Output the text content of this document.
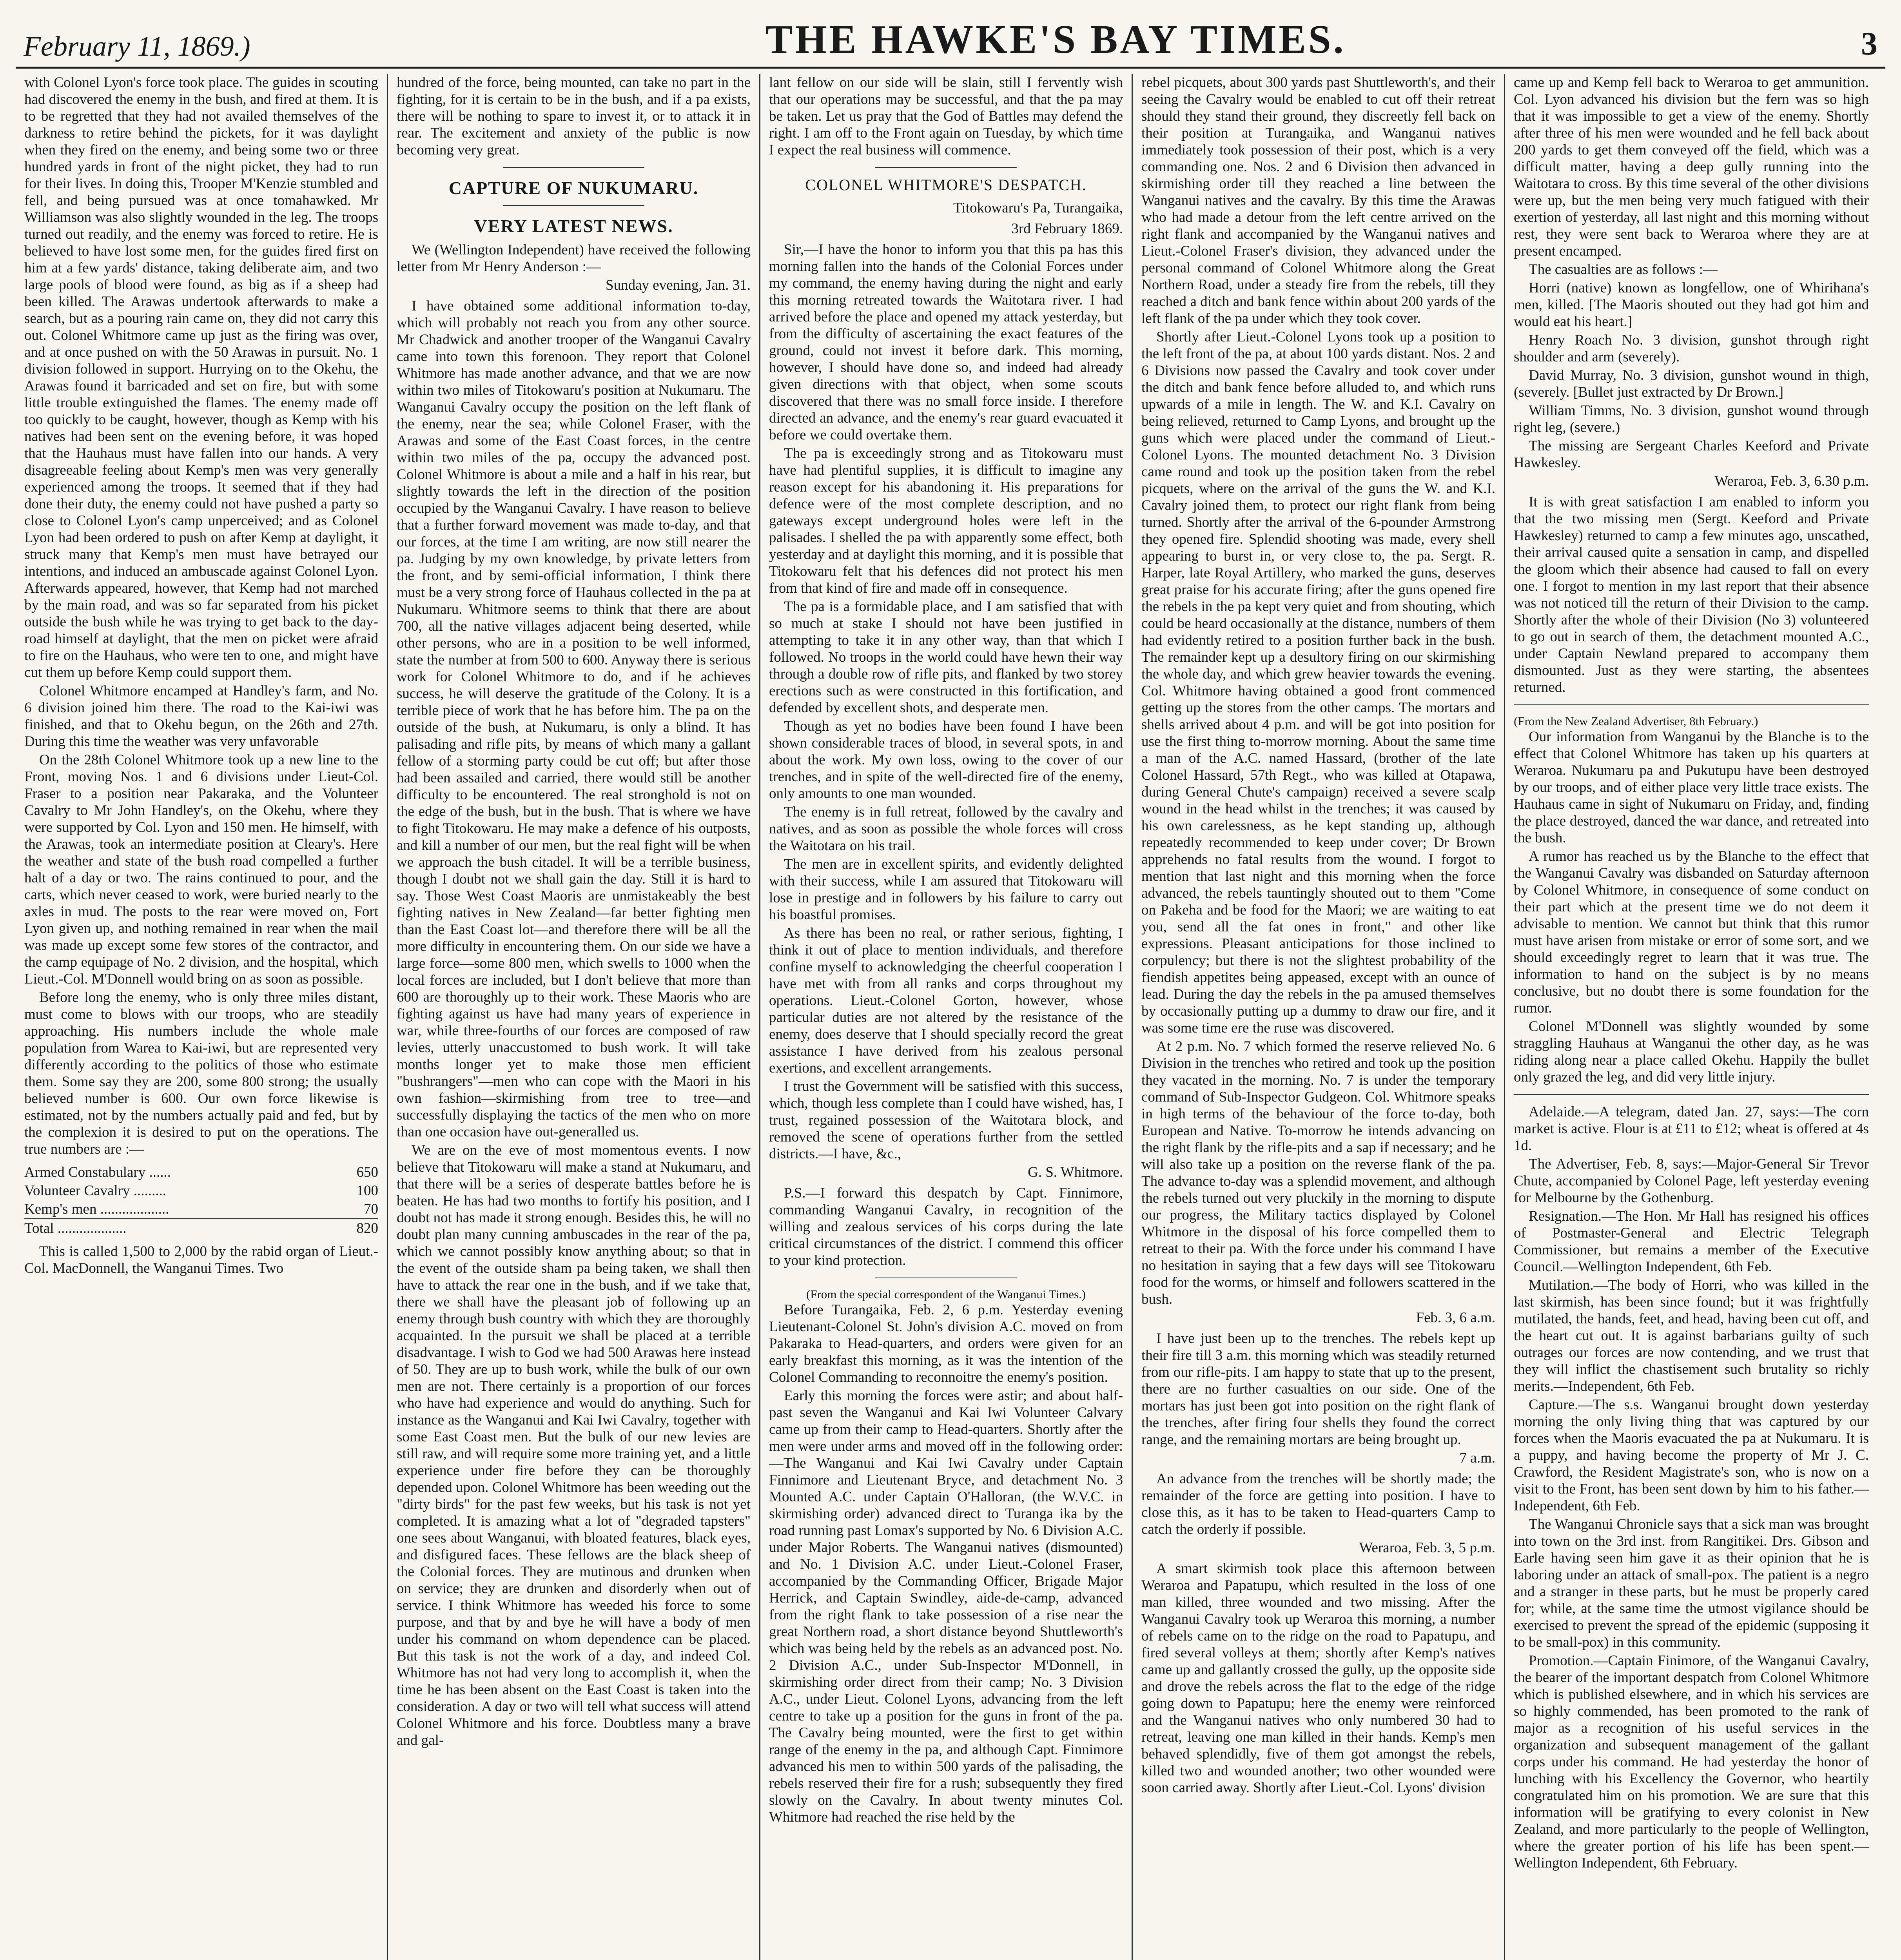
February 11, 1869.)	THE HAWKE'S BAY TIMES.	3

with Colonel Lyon's force took place. The guides in scouting had discovered the enemy in the bush, and fired at them. It is to be regretted that they had not availed themselves of the darkness to retire behind the pickets, for it was daylight when they fired on the enemy, and being some two or three hundred yards in front of the night picket, they had to run for their lives. In doing this, Trooper M'Kenzie stumbled and fell, and being pursued was at once tomahawked. Mr Williamson was also slightly wounded in the leg. The troops turned out readily, and the enemy was forced to retire. He is believed to have lost some men, for the guides fired first on him at a few yards' distance, taking deliberate aim, and two large pools of blood were found, as big as if a sheep had been killed. The Arawas undertook afterwards to make a search, but as a pouring rain came on, they did not carry this out. Colonel Whitmore came up just as the firing was over, and at once pushed on with the 50 Arawas in pursuit. No. 1 division followed in support. Hurrying on to the Okehu, the Arawas found it barricaded and set on fire, but with some little trouble extinguished the flames. The enemy made off too quickly to be caught, however, though as Kemp with his natives had been sent on the evening before, it was hoped that the Hauhaus must have fallen into our hands. A very disagreeable feeling about Kemp's men was very generally experienced among the troops. It seemed that if they had done their duty, the enemy could not have pushed a party so close to Colonel Lyon's camp unperceived; and as Colonel Lyon had been ordered to push on after Kemp at daylight, it struck many that Kemp's men must have betrayed our intentions, and induced an ambuscade against Colonel Lyon. Afterwards appeared, however, that Kemp had not marched by the main road, and was so far separated from his picket outside the bush while he was trying to get back to the day-road himself at daylight, that the men on picket were afraid to fire on the Hauhaus, who were ten to one, and might have cut them up before Kemp could support them.

Colonel Whitmore encamped at Handley's farm, and No. 6 division joined him there. The road to the Kai-iwi was finished, and that to Okehu begun, on the 26th and 27th. During this time the weather was very unfavorable

On the 28th Colonel Whitmore took up a new line to the Front, moving Nos. 1 and 6 divisions under Lieut-Col. Fraser to a position near Pakaraka, and the Volunteer Cavalry to Mr John Handley's, on the Okehu, where they were supported by Col. Lyon and 150 men. He himself, with the Arawas, took an intermediate position at Cleary's. Here the weather and state of the bush road compelled a further halt of a day or two. The rains continued to pour, and the carts, which never ceased to work, were buried nearly to the axles in mud. The posts to the rear were moved on, Fort Lyon given up, and nothing remained in rear when the mail was made up except some few stores of the contractor, and the camp equipage of No. 2 division, and the hospital, which Lieut.-Col. M'Donnell would bring on as soon as possible.

Before long the enemy, who is only three miles distant, must come to blows with our troops, who are steadily approaching. His numbers include the whole male population from Warea to Kai-iwi, but are represented very differently according to the politics of those who estimate them. Some say they are 200, some 800 strong; the usually believed number is 600. Our own force likewise is estimated, not by the numbers actually paid and fed, but by the complexion it is desired to put on the operations. The true numbers are :—

Armed Constabulary ......	650
Volunteer Cavalry .........	100
Kemp's men ...................	70
Total ...................	820

This is called 1,500 to 2,000 by the rabid organ of Lieut.-Col. MacDonnell, the Wanganui Times. Two

hundred of the force, being mounted, can take no part in the fighting, for it is certain to be in the bush, and if a pa exists, there will be nothing to spare to invest it, or to attack it in rear. The excitement and anxiety of the public is now becoming very great.

CAPTURE OF NUKUMARU.
VERY LATEST NEWS.

We (Wellington Independent) have received the following letter from Mr Henry Anderson :—

Sunday evening, Jan. 31.

I have obtained some additional information to-day, which will probably not reach you from any other source. Mr Chadwick and another trooper of the Wanganui Cavalry came into town this forenoon. They report that Colonel Whitmore has made another advance, and that we are now within two miles of Titokowaru's position at Nukumaru. The Wanganui Cavalry occupy the position on the left flank of the enemy, near the sea; while Colonel Fraser, with the Arawas and some of the East Coast forces, in the centre within two miles of the pa, occupy the advanced post. Colonel Whitmore is about a mile and a half in his rear, but slightly towards the left in the direction of the position occupied by the Wanganui Cavalry. I have reason to believe that a further forward movement was made to-day, and that our forces, at the time I am writing, are now still nearer the pa. Judging by my own knowledge, by private letters from the front, and by semi-official information, I think there must be a very strong force of Hauhaus collected in the pa at Nukumaru. Whitmore seems to think that there are about 700, all the native villages adjacent being deserted, while other persons, who are in a position to be well informed, state the number at from 500 to 600. Anyway there is serious work for Colonel Whitmore to do, and if he achieves success, he will deserve the gratitude of the Colony. It is a terrible piece of work that he has before him. The pa on the outside of the bush, at Nukumaru, is only a blind. It has palisading and rifle pits, by means of which many a gallant fellow of a storming party could be cut off; but after those had been assailed and carried, there would still be another difficulty to be encountered. The real stronghold is not on the edge of the bush, but in the bush. That is where we have to fight Titokowaru. He may make a defence of his outposts, and kill a number of our men, but the real fight will be when we approach the bush citadel. It will be a terrible business, though I doubt not we shall gain the day. Still it is hard to say. Those West Coast Maoris are unmistakeably the best fighting natives in New Zealand—far better fighting men than the East Coast lot—and therefore there will be all the more difficulty in encountering them. On our side we have a large force—some 800 men, which swells to 1000 when the local forces are included, but I don't believe that more than 600 are thoroughly up to their work. These Maoris who are fighting against us have had many years of experience in war, while three-fourths of our forces are composed of raw levies, utterly unaccustomed to bush work. It will take months longer yet to make those men efficient "bushrangers"—men who can cope with the Maori in his own fashion—skirmishing from tree to tree—and successfully displaying the tactics of the men who on more than one occasion have out-generalled us.

We are on the eve of most momentous events. I now believe that Titokowaru will make a stand at Nukumaru, and that there will be a series of desperate battles before he is beaten. He has had two months to fortify his position, and I doubt not has made it strong enough. Besides this, he will no doubt plan many cunning ambuscades in the rear of the pa, which we cannot possibly know anything about; so that in the event of the outside sham pa being taken, we shall then have to attack the rear one in the bush, and if we take that, there we shall have the pleasant job of following up an enemy through bush country with which they are thoroughly acquainted. In the pursuit we shall be placed at a terrible disadvantage. I wish to God we had 500 Arawas here instead of 50. They are up to bush work, while the bulk of our own men are not. There certainly is a proportion of our forces who have had experience and would do anything. Such for instance as the Wanganui and Kai Iwi Cavalry, together with some East Coast men. But the bulk of our new levies are still raw, and will require some more training yet, and a little experience under fire before they can be thoroughly depended upon. Colonel Whitmore has been weeding out the "dirty birds" for the past few weeks, but his task is not yet completed. It is amazing what a lot of "degraded tapsters" one sees about Wanganui, with bloated features, black eyes, and disfigured faces. These fellows are the black sheep of the Colonial forces. They are mutinous and drunken when on service; they are drunken and disorderly when out of service. I think Whitmore has weeded his force to some purpose, and that by and bye he will have a body of men under his command on whom dependence can be placed. But this task is not the work of a day, and indeed Col. Whitmore has not had very long to accomplish it, when the time he has been absent on the East Coast is taken into the consideration. A day or two will tell what success will attend Colonel Whitmore and his force. Doubtless many a brave and gal-

lant fellow on our side will be slain, still I fervently wish that our operations may be successful, and that the pa may be taken. Let us pray that the God of Battles may defend the right. I am off to the Front again on Tuesday, by which time I expect the real business will commence.

COLONEL WHITMORE'S DESPATCH.
Titokowaru's Pa, Turangaika,
3rd February 1869.

Sir,—I have the honor to inform you that this pa has this morning fallen into the hands of the Colonial Forces under my command, the enemy having during the night and early this morning retreated towards the Waitotara river. I had arrived before the place and opened my attack yesterday, but from the difficulty of ascertaining the exact features of the ground, could not invest it before dark. This morning, however, I should have done so, and indeed had already given directions with that object, when some scouts discovered that there was no small force inside. I therefore directed an advance, and the enemy's rear guard evacuated it before we could overtake them.

The pa is exceedingly strong and as Titokowaru must have had plentiful supplies, it is difficult to imagine any reason except for his abandoning it. His preparations for defence were of the most complete description, and no gateways except underground holes were left in the palisades. I shelled the pa with apparently some effect, both yesterday and at daylight this morning, and it is possible that Titokowaru felt that his defences did not protect his men from that kind of fire and made off in consequence.

The pa is a formidable place, and I am satisfied that with so much at stake I should not have been justified in attempting to take it in any other way, than that which I followed. No troops in the world could have hewn their way through a double row of rifle pits, and flanked by two storey erections such as were constructed in this fortification, and defended by excellent shots, and desperate men.

Though as yet no bodies have been found I have been shown considerable traces of blood, in several spots, in and about the work. My own loss, owing to the cover of our trenches, and in spite of the well-directed fire of the enemy, only amounts to one man wounded.

The enemy is in full retreat, followed by the cavalry and natives, and as soon as possible the whole forces will cross the Waitotara on his trail.

The men are in excellent spirits, and evidently delighted with their success, while I am assured that Titokowaru will lose in prestige and in followers by his failure to carry out his boastful promises.

As there has been no real, or rather serious, fighting, I think it out of place to mention individuals, and therefore confine myself to acknowledging the cheerful cooperation I have met with from all ranks and corps throughout my operations. Lieut.-Colonel Gorton, however, whose particular duties are not altered by the resistance of the enemy, does deserve that I should specially record the great assistance I have derived from his zealous personal exertions, and excellent arrangements.

I trust the Government will be satisfied with this success, which, though less complete than I could have wished, has, I trust, regained possession of the Waitotara block, and removed the scene of operations further from the settled districts.—I have, &c.,

G. S. Whitmore.

P.S.—I forward this despatch by Capt. Finnimore, commanding Wanganui Cavalry, in recognition of the willing and zealous services of his corps during the late critical circumstances of the district. I commend this officer to your kind protection.

(From the special correspondent of the Wanganui Times.)

Before Turangaika, Feb. 2, 6 p.m. Yesterday evening Lieutenant-Colonel St. John's division A.C. moved on from Pakaraka to Head-quarters, and orders were given for an early breakfast this morning, as it was the intention of the Colonel Commanding to reconnoitre the enemy's position.

Early this morning the forces were astir; and about half-past seven the Wanganui and Kai Iwi Volunteer Calvary came up from their camp to Head-quarters. Shortly after the men were under arms and moved off in the following order:—The Wanganui and Kai Iwi Cavalry under Captain Finnimore and Lieutenant Bryce, and detachment No. 3 Mounted A.C. under Captain O'Halloran, (the W.V.C. in skirmishing order) advanced direct to Turanga ika by the road running past Lomax's supported by No. 6 Division A.C. under Major Roberts. The Wanganui natives (dismounted) and No. 1 Division A.C. under Lieut.-Colonel Fraser, accompanied by the Commanding Officer, Brigade Major Herrick, and Captain Swindley, aide-de-camp, advanced from the right flank to take possession of a rise near the great Northern road, a short distance beyond Shuttleworth's which was being held by the rebels as an advanced post. No. 2 Division A.C., under Sub-Inspector M'Donnell, in skirmishing order direct from their camp; No. 3 Division A.C., under Lieut. Colonel Lyons, advancing from the left centre to take up a position for the guns in front of the pa. The Cavalry being mounted, were the first to get within range of the enemy in the pa, and although Capt. Finnimore advanced his men to within 500 yards of the palisading, the rebels reserved their fire for a rush; subsequently they fired slowly on the Cavalry. In about twenty minutes Col. Whitmore had reached the rise held by the

rebel picquets, about 300 yards past Shuttleworth's, and their seeing the Cavalry would be enabled to cut off their retreat should they stand their ground, they discreetly fell back on their position at Turangaika, and Wanganui natives immediately took possession of their post, which is a very commanding one. Nos. 2 and 6 Division then advanced in skirmishing order till they reached a line between the Wanganui natives and the cavalry. By this time the Arawas who had made a detour from the left centre arrived on the right flank and accompanied by the Wanganui natives and Lieut.-Colonel Fraser's division, they advanced under the personal command of Colonel Whitmore along the Great Northern Road, under a steady fire from the rebels, till they reached a ditch and bank fence within about 200 yards of the left flank of the pa under which they took cover.

Shortly after Lieut.-Colonel Lyons took up a position to the left front of the pa, at about 100 yards distant. Nos. 2 and 6 Divisions now passed the Cavalry and took cover under the ditch and bank fence before alluded to, and which runs upwards of a mile in length. The W. and K.I. Cavalry on being relieved, returned to Camp Lyons, and brought up the guns which were placed under the command of Lieut.-Colonel Lyons. The mounted detachment No. 3 Division came round and took up the position taken from the rebel picquets, where on the arrival of the guns the W. and K.I. Cavalry joined them, to protect our right flank from being turned. Shortly after the arrival of the 6-pounder Armstrong they opened fire. Splendid shooting was made, every shell appearing to burst in, or very close to, the pa. Sergt. R. Harper, late Royal Artillery, who marked the guns, deserves great praise for his accurate firing; after the guns opened fire the rebels in the pa kept very quiet and from shouting, which could be heard occasionally at the distance, numbers of them had evidently retired to a position further back in the bush. The remainder kept up a desultory firing on our skirmishing the whole day, and which grew heavier towards the evening. Col. Whitmore having obtained a good front commenced getting up the stores from the other camps. The mortars and shells arrived about 4 p.m. and will be got into position for use the first thing to-morrow morning. About the same time a man of the A.C. named Hassard, (brother of the late Colonel Hassard, 57th Regt., who was killed at Otapawa, during General Chute's campaign) received a severe scalp wound in the head whilst in the trenches; it was caused by his own carelessness, as he kept standing up, although repeatedly recommended to keep under cover; Dr Brown apprehends no fatal results from the wound. I forgot to mention that last night and this morning when the force advanced, the rebels tauntingly shouted out to them "Come on Pakeha and be food for the Maori; we are waiting to eat you, send all the fat ones in front," and other like expressions. Pleasant anticipations for those inclined to corpulency; but there is not the slightest probability of the fiendish appetites being appeased, except with an ounce of lead. During the day the rebels in the pa amused themselves by occasionally putting up a dummy to draw our fire, and it was some time ere the ruse was discovered.

At 2 p.m. No. 7 which formed the reserve relieved No. 6 Division in the trenches who retired and took up the position they vacated in the morning. No. 7 is under the temporary command of Sub-Inspector Gudgeon. Col. Whitmore speaks in high terms of the behaviour of the force to-day, both European and Native. To-morrow he intends advancing on the right flank by the rifle-pits and a sap if necessary; and he will also take up a position on the reverse flank of the pa. The advance to-day was a splendid movement, and although the rebels turned out very pluckily in the morning to dispute our progress, the Military tactics displayed by Colonel Whitmore in the disposal of his force compelled them to retreat to their pa. With the force under his command I have no hesitation in saying that a few days will see Titokowaru food for the worms, or himself and followers scattered in the bush.

Feb. 3, 6 a.m.

I have just been up to the trenches. The rebels kept up their fire till 3 a.m. this morning which was steadily returned from our rifle-pits. I am happy to state that up to the present, there are no further casualties on our side. One of the mortars has just been got into position on the right flank of the trenches, after firing four shells they found the correct range, and the remaining mortars are being brought up.

7 a.m.

An advance from the trenches will be shortly made; the remainder of the force are getting into position. I have to close this, as it has to be taken to Head-quarters Camp to catch the orderly if possible.

Weraroa, Feb. 3, 5 p.m.

A smart skirmish took place this afternoon between Weraroa and Papatupu, which resulted in the loss of one man killed, three wounded and two missing. After the Wanganui Cavalry took up Weraroa this morning, a number of rebels came on to the ridge on the road to Papatupu, and fired several volleys at them; shortly after Kemp's natives came up and gallantly crossed the gully, up the opposite side and drove the rebels across the flat to the edge of the ridge going down to Papatupu; here the enemy were reinforced and the Wanganui natives who only numbered 30 had to retreat, leaving one man killed in their hands. Kemp's men behaved splendidly, five of them got amongst the rebels, killed two and wounded another; two other wounded were soon carried away. Shortly after Lieut.-Col. Lyons' division

came up and Kemp fell back to Weraroa to get ammunition. Col. Lyon advanced his division but the fern was so high that it was impossible to get a view of the enemy. Shortly after three of his men were wounded and he fell back about 200 yards to get them conveyed off the field, which was a difficult matter, having a deep gully running into the Waitotara to cross. By this time several of the other divisions were up, but the men being very much fatigued with their exertion of yesterday, all last night and this morning without rest, they were sent back to Weraroa where they are at present encamped.

The casualties are as follows :—

Horri (native) known as longfellow, one of Whirihana's men, killed. [The Maoris shouted out they had got him and would eat his heart.]

Henry Roach No. 3 division, gunshot through right shoulder and arm (severely).

David Murray, No. 3 division, gunshot wound in thigh, (severely. [Bullet just extracted by Dr Brown.]

William Timms, No. 3 division, gunshot wound through right leg, (severe.)

The missing are Sergeant Charles Keeford and Private Hawkesley.

Weraroa, Feb. 3, 6.30 p.m.

It is with great satisfaction I am enabled to inform you that the two missing men (Sergt. Keeford and Private Hawkesley) returned to camp a few minutes ago, unscathed, their arrival caused quite a sensation in camp, and dispelled the gloom which their absence had caused to fall on every one. I forgot to mention in my last report that their absence was not noticed till the return of their Division to the camp. Shortly after the whole of their Division (No 3) volunteered to go out in search of them, the detachment mounted A.C., under Captain Newland prepared to accompany them dismounted. Just as they were starting, the absentees returned.

(From the New Zealand Advertiser, 8th February.)

Our information from Wanganui by the Blanche is to the effect that Colonel Whitmore has taken up his quarters at Weraroa. Nukumaru pa and Pukutupu have been destroyed by our troops, and of either place very little trace exists. The Hauhaus came in sight of Nukumaru on Friday, and, finding the place destroyed, danced the war dance, and retreated into the bush.

A rumor has reached us by the Blanche to the effect that the Wanganui Cavalry was disbanded on Saturday afternoon by Colonel Whitmore, in consequence of some conduct on their part which at the present time we do not deem it advisable to mention. We cannot but think that this rumor must have arisen from mistake or error of some sort, and we should exceedingly regret to learn that it was true. The information to hand on the subject is by no means conclusive, but no doubt there is some foundation for the rumor.

Colonel M'Donnell was slightly wounded by some straggling Hauhaus at Wanganui the other day, as he was riding along near a place called Okehu. Happily the bullet only grazed the leg, and did very little injury.

Adelaide.—A telegram, dated Jan. 27, says:—The corn market is active. Flour is at £11 to £12; wheat is offered at 4s 1d.

The Advertiser, Feb. 8, says:—Major-General Sir Trevor Chute, accompanied by Colonel Page, left yesterday evening for Melbourne by the Gothenburg.

Resignation.—The Hon. Mr Hall has resigned his offices of Postmaster-General and Electric Telegraph Commissioner, but remains a member of the Executive Council.—Wellington Independent, 6th Feb.

Mutilation.—The body of Horri, who was killed in the last skirmish, has been since found; but it was frightfully mutilated, the hands, feet, and head, having been cut off, and the heart cut out. It is against barbarians guilty of such outrages our forces are now contending, and we trust that they will inflict the chastisement such brutality so richly merits.—Independent, 6th Feb.

Capture.—The s.s. Wanganui brought down yesterday morning the only living thing that was captured by our forces when the Maoris evacuated the pa at Nukumaru. It is a puppy, and having become the property of Mr J. C. Crawford, the Resident Magistrate's son, who is now on a visit to the Front, has been sent down by him to his father.—Independent, 6th Feb.

The Wanganui Chronicle says that a sick man was brought into town on the 3rd inst. from Rangitikei. Drs. Gibson and Earle having seen him gave it as their opinion that he is laboring under an attack of small-pox. The patient is a negro and a stranger in these parts, but he must be properly cared for; while, at the same time the utmost vigilance should be exercised to prevent the spread of the epidemic (supposing it to be small-pox) in this community.

Promotion.—Captain Finimore, of the Wanganui Cavalry, the bearer of the important despatch from Colonel Whitmore which is published elsewhere, and in which his services are so highly commended, has been promoted to the rank of major as a recognition of his useful services in the organization and subsequent management of the gallant corps under his command. He had yesterday the honor of lunching with his Excellency the Governor, who heartily congratulated him on his promotion. We are sure that this information will be gratifying to every colonist in New Zealand, and more particularly to the people of Wellington, where the greater portion of his life has been spent.—Wellington Independent, 6th February.
